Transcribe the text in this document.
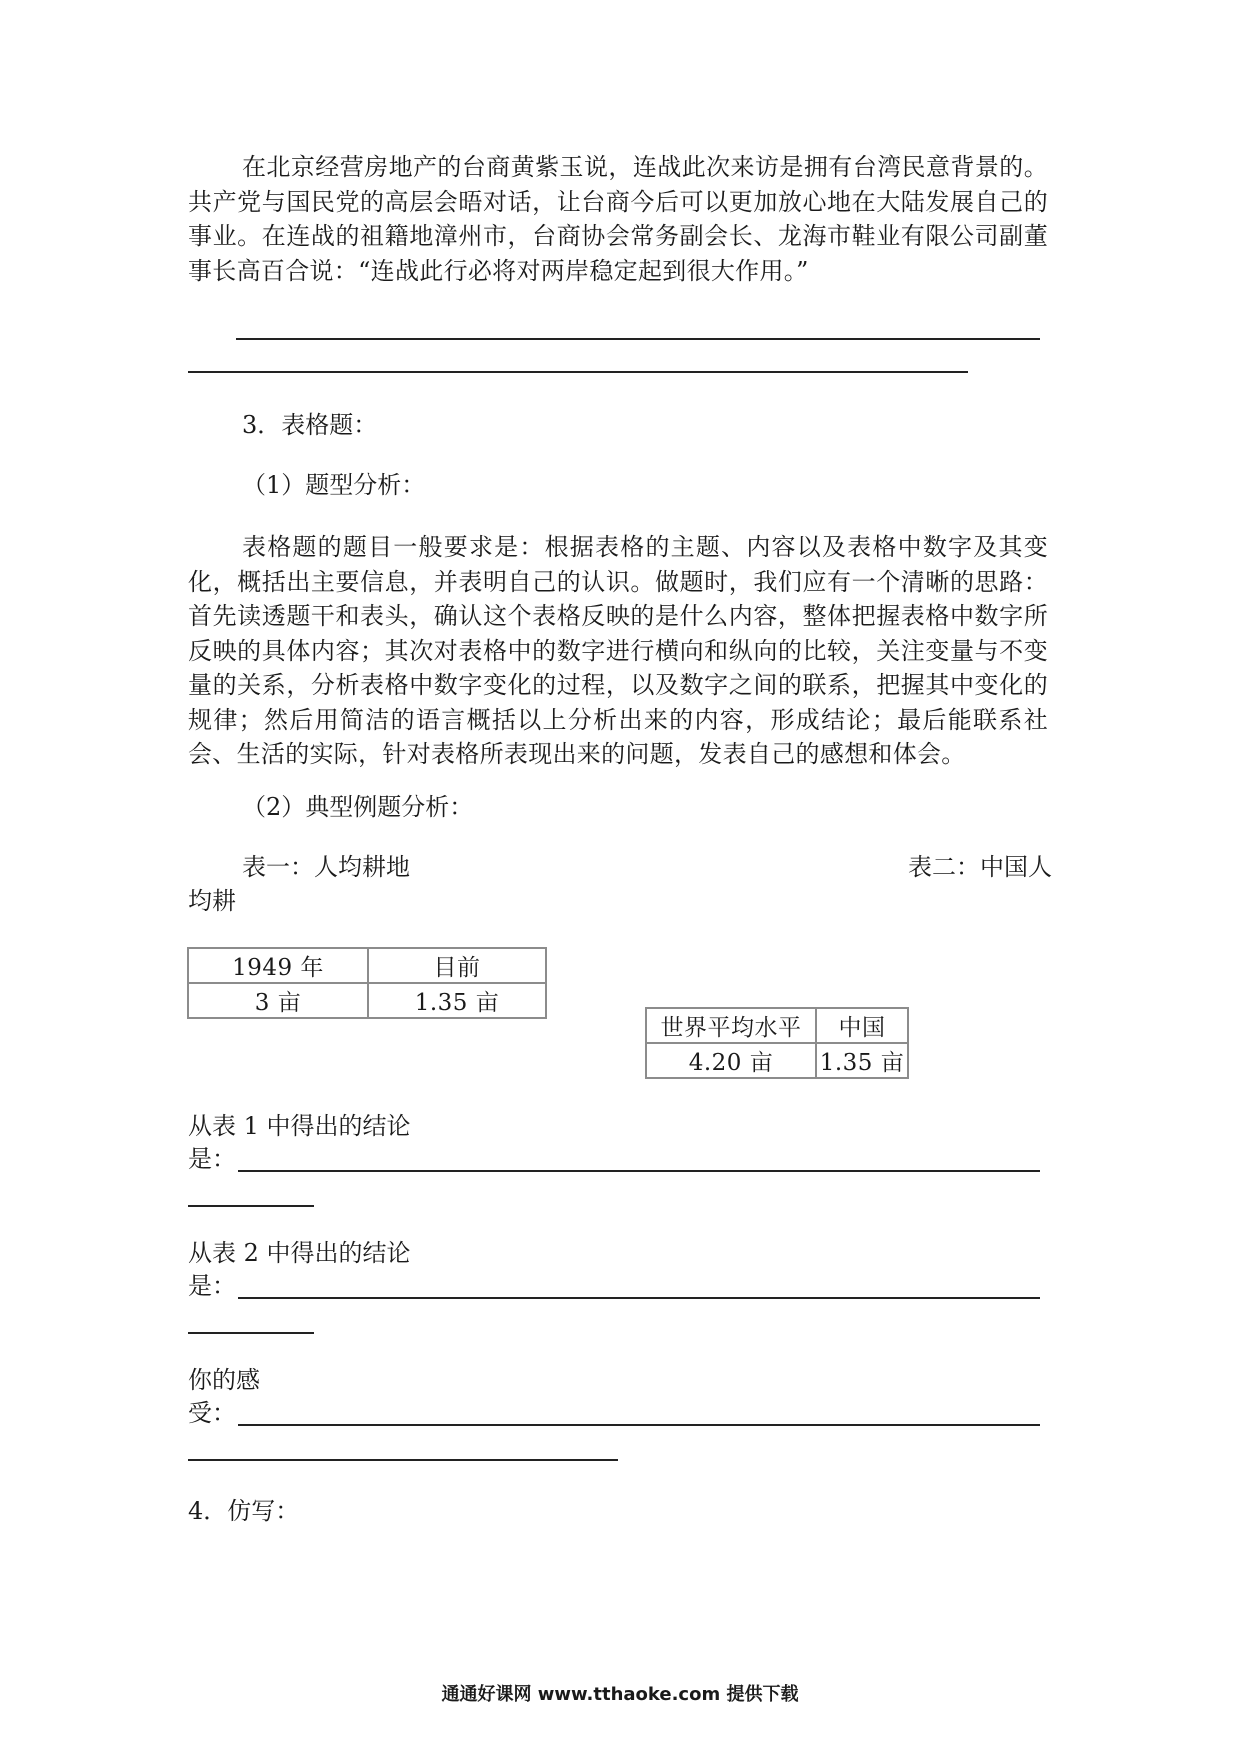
在北京经营房地产的台商黄紫玉说，连战此次来访是拥有台湾民意背景的。共产党与国民党的高层会晤对话，让台商今后可以更加放心地在大陆发展自己的事业。在连战的祖籍地漳州市，台商协会常务副会长、龙海市鞋业有限公司副董事长高百合说：“连战此行必将对两岸稳定起到很大作用。”

3．表格题：

（1）题型分析：

表格题的题目一般要求是：根据表格的主题、内容以及表格中数字及其变化，概括出主要信息，并表明自己的认识。做题时，我们应有一个清晰的思路：首先读透题干和表头，确认这个表格反映的是什么内容，整体把握表格中数字所反映的具体内容；其次对表格中的数字进行横向和纵向的比较，关注变量与不变量的关系，分析表格中数字变化的过程，以及数字之间的联系，把握其中变化的规律；然后用简洁的语言概括以上分析出来的内容，形成结论；最后能联系社会、生活的实际，针对表格所表现出来的问题，发表自己的感想和体会。

（2）典型例题分析：

表一：人均耕地	表二：中国人

均耕

1949 年	目前
3 亩	1.35 亩
世界平均水平	中国
4.20 亩	1.35 亩

从表 1 中得出的结论

是：

从表 2 中得出的结论

是：

你的感

受：

4．仿写：

通通好课网 www.tthaoke.com 提供下载
